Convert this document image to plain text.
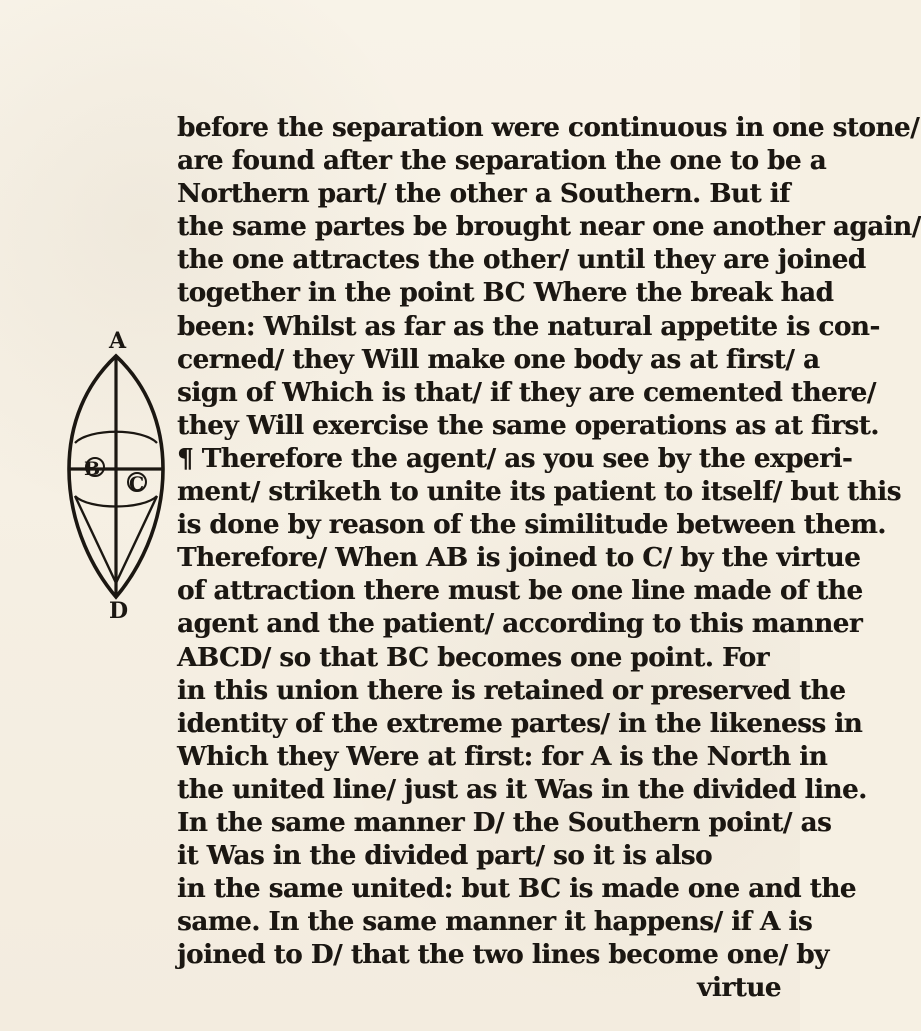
before the separation were continuous in one stone/
are found after the separation the one to be a
Northern part/ the other a Southern. But if
the same partes be brought near one another again/
the one attractes the other/ until they are joined
together in the point BC Where the break had
been: Whilst as far as the natural appetite is con-
cerned/ they Will make one body as at first/ a
sign of Which is that/ if they are cemented there/
they Will exercise the same operations as at first.
¶ Therefore the agent/ as you see by the experi-
ment/ striketh to unite its patient to itself/ but this
is done by reason of the similitude between them.
Therefore/ When AB is joined to C/ by the virtue
of attraction there must be one line made of the
agent and the patient/ according to this manner
ABCD/ so that BC becomes one point. For
in this union there is retained or preserved the
identity of the extreme partes/ in the likeness in
Which they Were at first: for A is the North in
the united line/ just as it Was in the divided line.
In the same manner D/ the Southern point/ as
it Was in the divided part/ so it is also
in the same united: but BC is made one and the
same. In the same manner it happens/ if A is
joined to D/ that the two lines become one/ by
virtue
A
B
C
D
